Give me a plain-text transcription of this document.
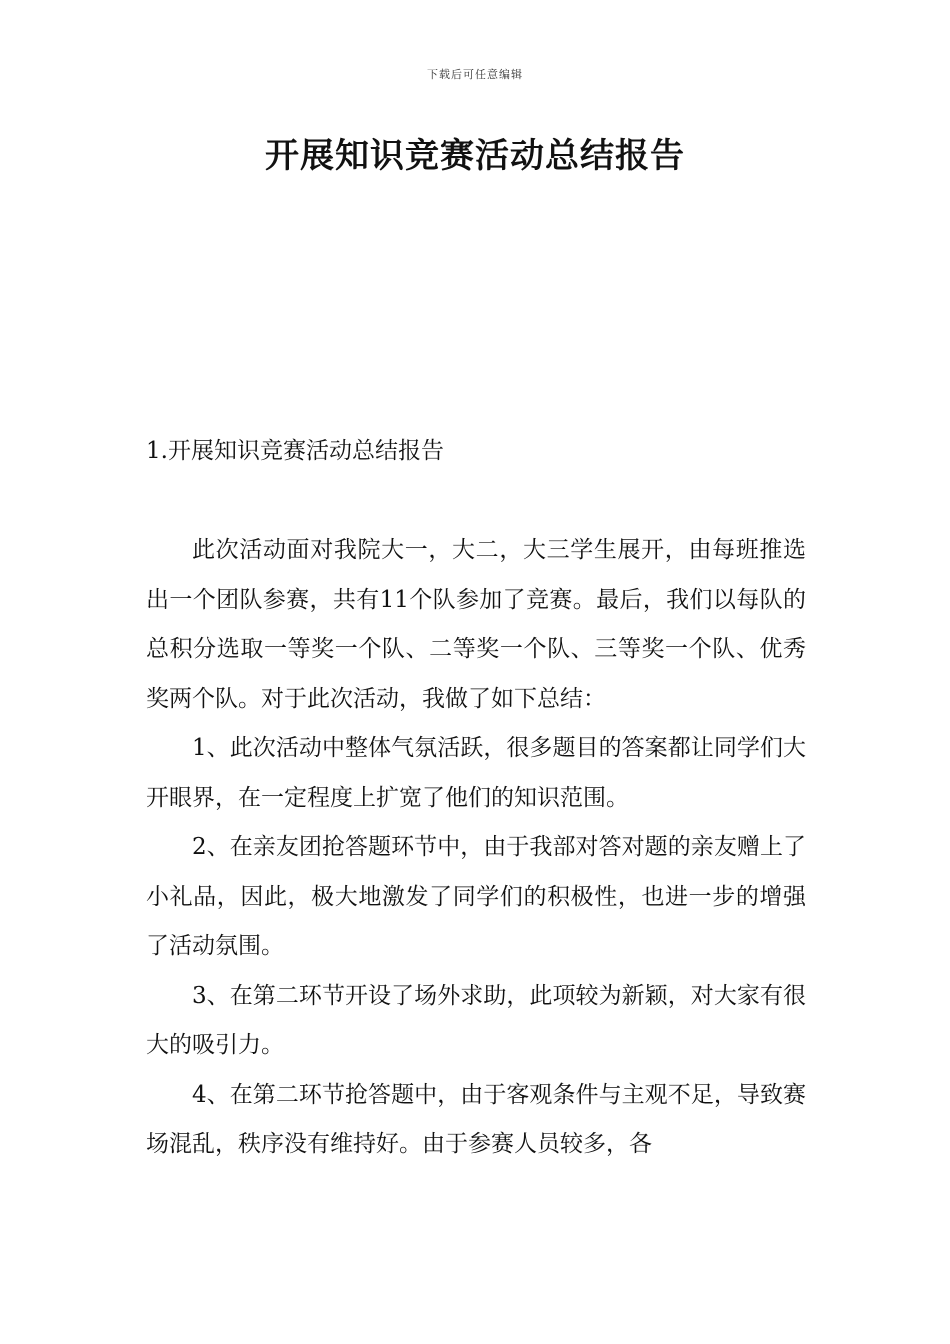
下载后可任意编辑
开展知识竞赛活动总结报告
1.开展知识竞赛活动总结报告

此次活动面对我院大一，大二，大三学生展开，由每班推选出一个团队参赛，共有11个队参加了竞赛。最后，我们以每队的总积分选取一等奖一个队、二等奖一个队、三等奖一个队、优秀奖两个队。对于此次活动，我做了如下总结：

1、此次活动中整体气氛活跃，很多题目的答案都让同学们大开眼界，在一定程度上扩宽了他们的知识范围。

2、在亲友团抢答题环节中，由于我部对答对题的亲友赠上了小礼品，因此，极大地激发了同学们的积极性，也进一步的增强了活动氛围。

3、在第二环节开设了场外求助，此项较为新颖，对大家有很大的吸引力。

4、在第二环节抢答题中，由于客观条件与主观不足，导致赛场混乱，秩序没有维持好。由于参赛人员较多，各
